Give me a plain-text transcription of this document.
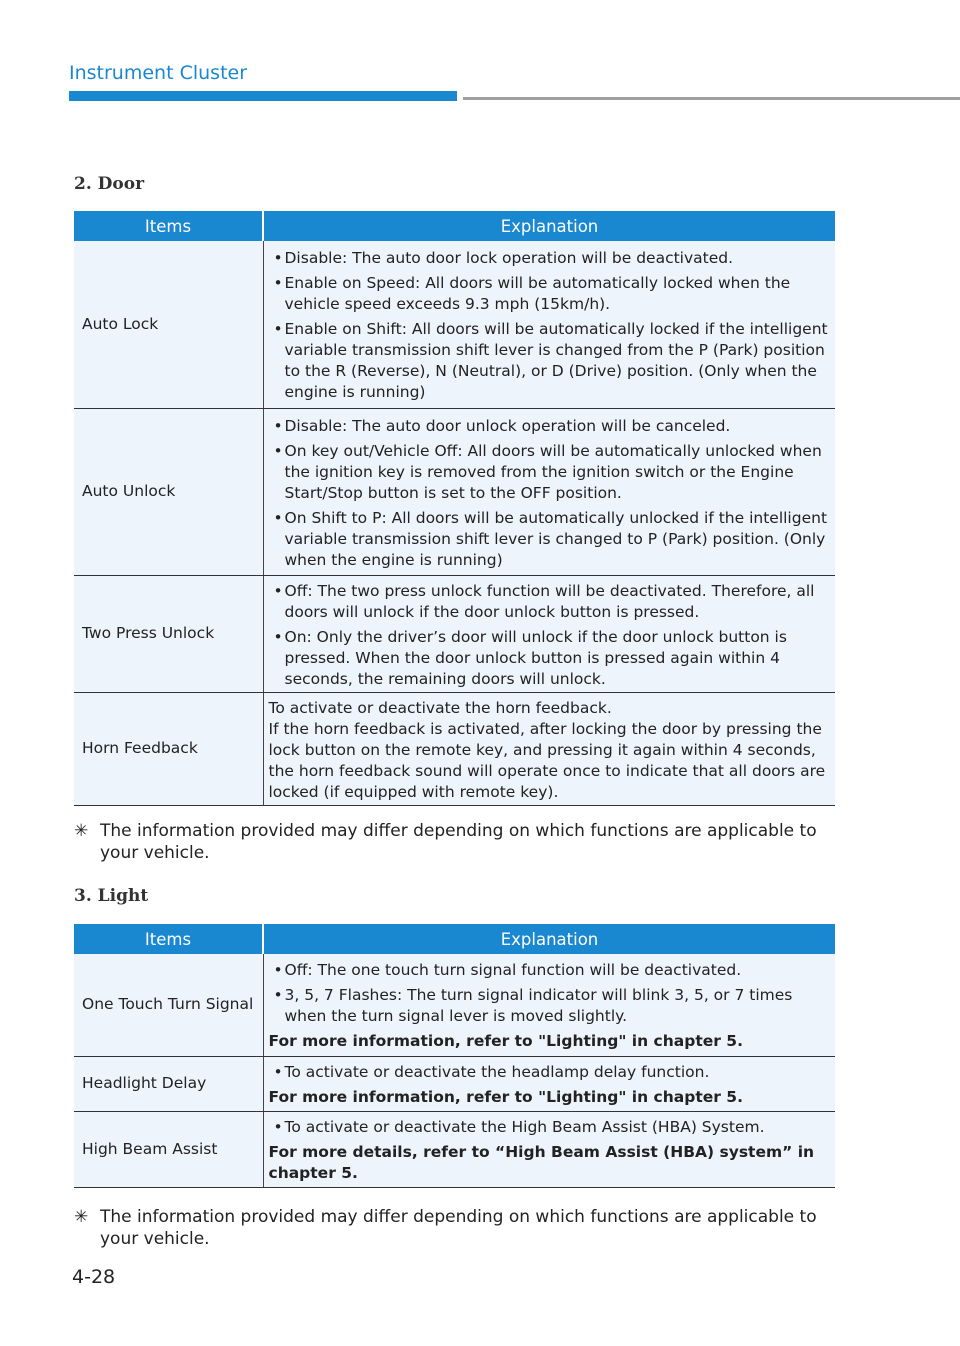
Instrument Cluster
2. Door
Items	Explanation
Auto Lock	• Disable: The auto door lock operation will be deactivated.
• Enable on Speed: All doors will be automatically locked when the vehicle speed exceeds 9.3 mph (15km/h).
• Enable on Shift: All doors will be automatically locked if the intelligent variable transmission shift lever is changed from the P (Park) position to the R (Reverse), N (Neutral), or D (Drive) position. (Only when the engine is running)

Auto Unlock	• Disable: The auto door unlock operation will be canceled.
• On key out/Vehicle Off: All doors will be automatically unlocked when the ignition key is removed from the ignition switch or the Engine Start/Stop button is set to the OFF position.
• On Shift to P: All doors will be automatically unlocked if the intelligent variable transmission shift lever is changed to P (Park) position. (Only when the engine is running)

Two Press Unlock	• Off: The two press unlock function will be deactivated. Therefore, all doors will unlock if the door unlock button is pressed.
• On: Only the driver’s door will unlock if the door unlock button is pressed. When the door unlock button is pressed again within 4 seconds, the remaining doors will unlock.

Horn Feedback	To activate or deactivate the horn feedback.

If the horn feedback is activated, after locking the door by pressing the lock button on the remote key, and pressing it again within 4 seconds, the horn feedback sound will operate once to indicate that all doors are locked (if equipped with remote key).

✳ The information provided may differ depending on which functions are applicable to your vehicle.
3. Light
Items	Explanation
One Touch Turn Signal	• Off: The one touch turn signal function will be deactivated.
• 3, 5, 7 Flashes: The turn signal indicator will blink 3, 5, or 7 times when the turn signal lever is moved slightly.
For more information, refer to "Lighting" in chapter 5.

Headlight Delay	• To activate or deactivate the headlamp delay function.
For more information, refer to "Lighting" in chapter 5.

High Beam Assist	• To activate or deactivate the High Beam Assist (HBA) System.
For more details, refer to “High Beam Assist (HBA) system” in chapter 5.
✳ The information provided may differ depending on which functions are applicable to your vehicle.
4-28
